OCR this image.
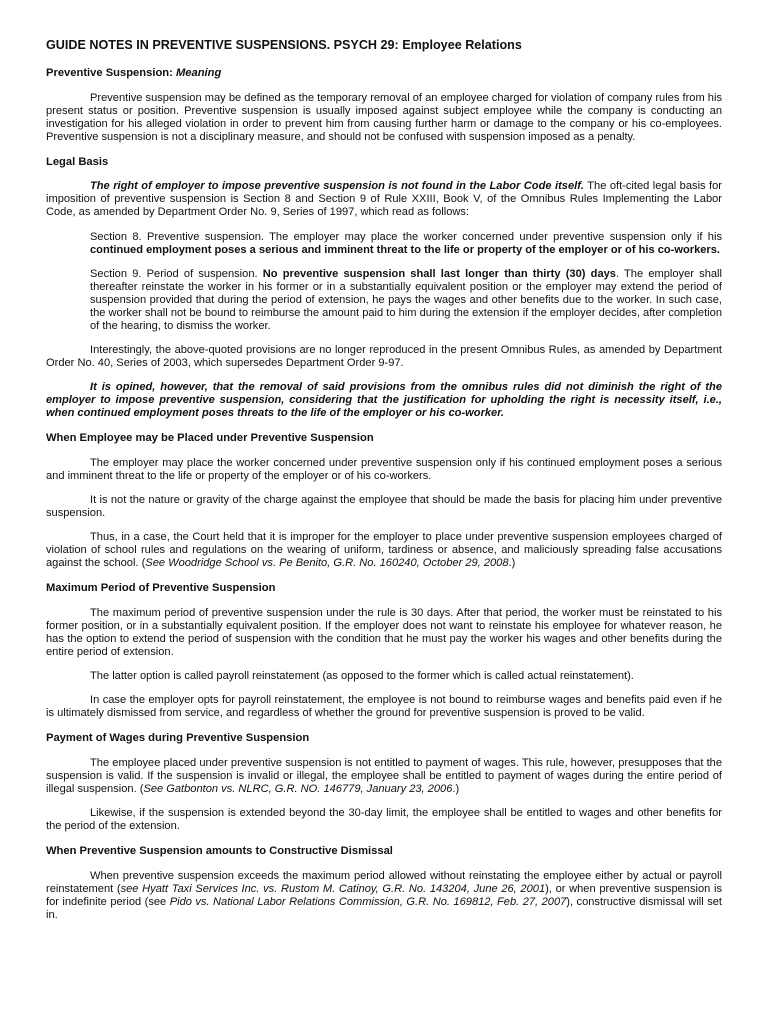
GUIDE NOTES IN PREVENTIVE SUSPENSIONS. PSYCH 29: Employee Relations
Preventive Suspension: Meaning

Preventive suspension may be defined as the temporary removal of an employee charged for violation of company rules from his present status or position. Preventive suspension is usually imposed against subject employee while the company is conducting an investigation for his alleged violation in order to prevent him from causing further harm or damage to the company or his co-employees. Preventive suspension is not a disciplinary measure, and should not be confused with suspension imposed as a penalty.

Legal Basis

The right of employer to impose preventive suspension is not found in the Labor Code itself. The oft-cited legal basis for imposition of preventive suspension is Section 8 and Section 9 of Rule XXIII, Book V, of the Omnibus Rules Implementing the Labor Code, as amended by Department Order No. 9, Series of 1997, which read as follows:

Section 8. Preventive suspension. The employer may place the worker concerned under preventive suspension only if his continued employment poses a serious and imminent threat to the life or property of the employer or of his co-workers.

Section 9. Period of suspension. No preventive suspension shall last longer than thirty (30) days. The employer shall thereafter reinstate the worker in his former or in a substantially equivalent position or the employer may extend the period of suspension provided that during the period of extension, he pays the wages and other benefits due to the worker. In such case, the worker shall not be bound to reimburse the amount paid to him during the extension if the employer decides, after completion of the hearing, to dismiss the worker.

Interestingly, the above-quoted provisions are no longer reproduced in the present Omnibus Rules, as amended by Department Order No. 40, Series of 2003, which supersedes Department Order 9-97.

It is opined, however, that the removal of said provisions from the omnibus rules did not diminish the right of the employer to impose preventive suspension, considering that the justification for upholding the right is necessity itself, i.e., when continued employment poses threats to the life of the employer or his co-worker.

When Employee may be Placed under Preventive Suspension

The employer may place the worker concerned under preventive suspension only if his continued employment poses a serious and imminent threat to the life or property of the employer or of his co-workers.

It is not the nature or gravity of the charge against the employee that should be made the basis for placing him under preventive suspension.

Thus, in a case, the Court held that it is improper for the employer to place under preventive suspension employees charged of violation of school rules and regulations on the wearing of uniform, tardiness or absence, and maliciously spreading false accusations against the school. (See Woodridge School vs. Pe Benito, G.R. No. 160240, October 29, 2008.)

Maximum Period of Preventive Suspension

The maximum period of preventive suspension under the rule is 30 days. After that period, the worker must be reinstated to his former position, or in a substantially equivalent position. If the employer does not want to reinstate his employee for whatever reason, he has the option to extend the period of suspension with the condition that he must pay the worker his wages and other benefits during the entire period of extension.

The latter option is called payroll reinstatement (as opposed to the former which is called actual reinstatement).

In case the employer opts for payroll reinstatement, the employee is not bound to reimburse wages and benefits paid even if he is ultimately dismissed from service, and regardless of whether the ground for preventive suspension is proved to be valid.

Payment of Wages during Preventive Suspension

The employee placed under preventive suspension is not entitled to payment of wages. This rule, however, presupposes that the suspension is valid. If the suspension is invalid or illegal, the employee shall be entitled to payment of wages during the entire period of illegal suspension. (See Gatbonton vs. NLRC, G.R. NO. 146779, January 23, 2006.)

Likewise, if the suspension is extended beyond the 30-day limit, the employee shall be entitled to wages and other benefits for the period of the extension.

When Preventive Suspension amounts to Constructive Dismissal

When preventive suspension exceeds the maximum period allowed without reinstating the employee either by actual or payroll reinstatement (see Hyatt Taxi Services Inc. vs. Rustom M. Catinoy, G.R. No. 143204, June 26, 2001), or when preventive suspension is for indefinite period (see Pido vs. National Labor Relations Commission, G.R. No. 169812, Feb. 27, 2007), constructive dismissal will set in.
